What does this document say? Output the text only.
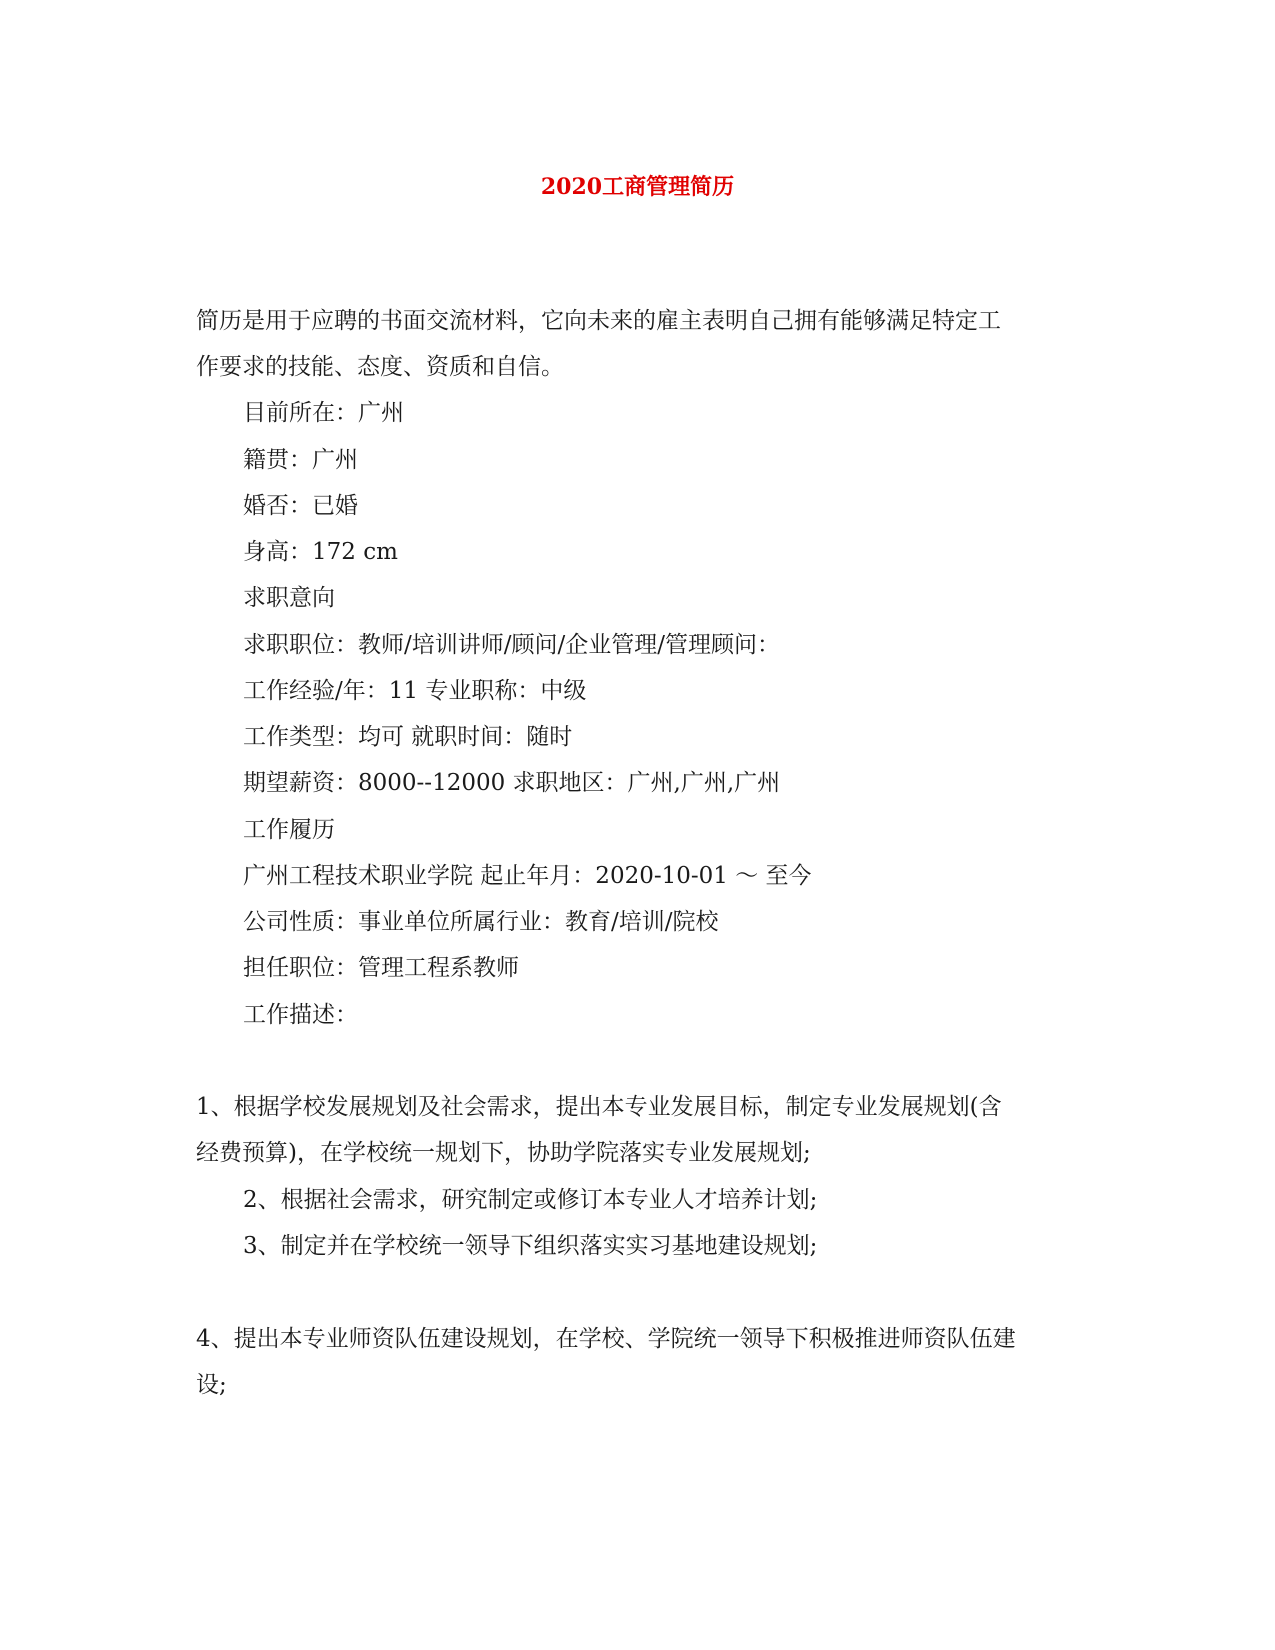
2020工商管理简历
简历是用于应聘的书面交流材料，它向未来的雇主表明自己拥有能够满足特定工
作要求的技能、态度、资质和自信。
目前所在：广州
籍贯：广州
婚否：已婚
身高：172 cm
求职意向
求职职位：教师/培训讲师/顾问/企业管理/管理顾问：
工作经验/年：11 专业职称：中级
工作类型：均可 就职时间：随时
期望薪资：8000--12000 求职地区：广州,广州,广州
工作履历
广州工程技术职业学院 起止年月：2020-10-01 ～ 至今
公司性质：事业单位所属行业：教育/培训/院校
担任职位：管理工程系教师
工作描述：
1、根据学校发展规划及社会需求，提出本专业发展目标，制定专业发展规划(含
经费预算)，在学校统一规划下，协助学院落实专业发展规划;
2、根据社会需求，研究制定或修订本专业人才培养计划;
3、制定并在学校统一领导下组织落实实习基地建设规划;
4、提出本专业师资队伍建设规划，在学校、学院统一领导下积极推进师资队伍建
设;
